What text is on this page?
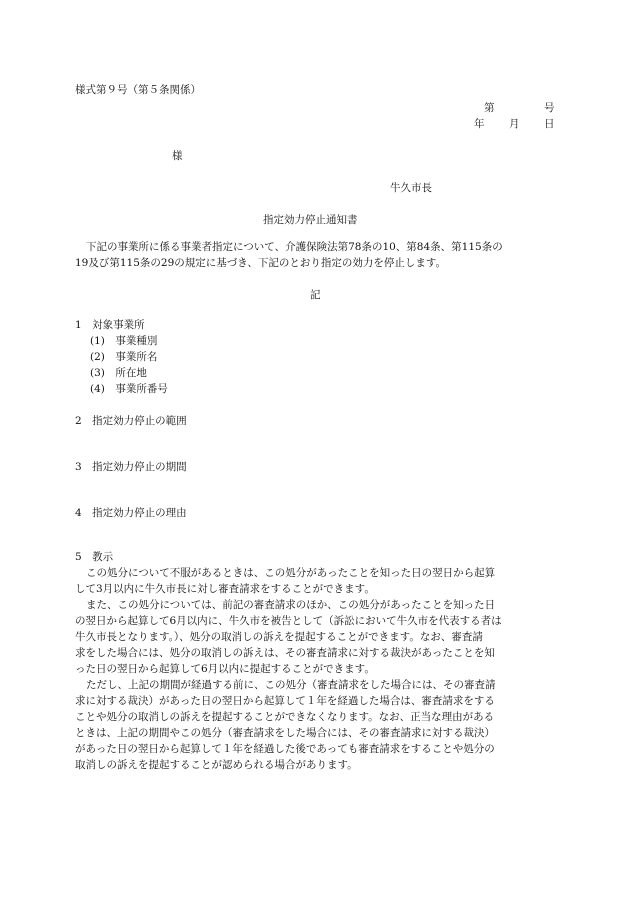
様式第９号（第５条関係）
第	号
年 月 日
様
牛久市長
指定効力停止通知書
下記の事業所に係る事業者指定について、介護保険法第78条の10、第84条、第115条の
19及び第115条の29の規定に基づき、下記のとおり指定の効力を停止します。
記
1　対象事業所
(1)　事業種別
(2)　事業所名
(3)　所在地
(4)　事業所番号
2　指定効力停止の範囲
3　指定効力停止の期間
4　指定効力停止の理由
5　教示
この処分について不服があるときは、この処分があったことを知った日の翌日から起算
して3月以内に牛久市長に対し審査請求をすることができます。
また、この処分については、前記の審査請求のほか、この処分があったことを知った日
の翌日から起算して6月以内に、牛久市を被告として（訴訟において牛久市を代表する者は
牛久市長となります。）、処分の取消しの訴えを提起することができます。なお、審査請
求をした場合には、処分の取消しの訴えは、その審査請求に対する裁決があったことを知
った日の翌日から起算して6月以内に提起することができます。
ただし、上記の期間が経過する前に、この処分（審査請求をした場合には、その審査請
求に対する裁決）があった日の翌日から起算して１年を経過した場合は、審査請求をする
ことや処分の取消しの訴えを提起することができなくなります。なお、正当な理由がある
ときは、上記の期間やこの処分（審査請求をした場合には、その審査請求に対する裁決）
があった日の翌日から起算して１年を経過した後であっても審査請求をすることや処分の
取消しの訴えを提起することが認められる場合があります。
